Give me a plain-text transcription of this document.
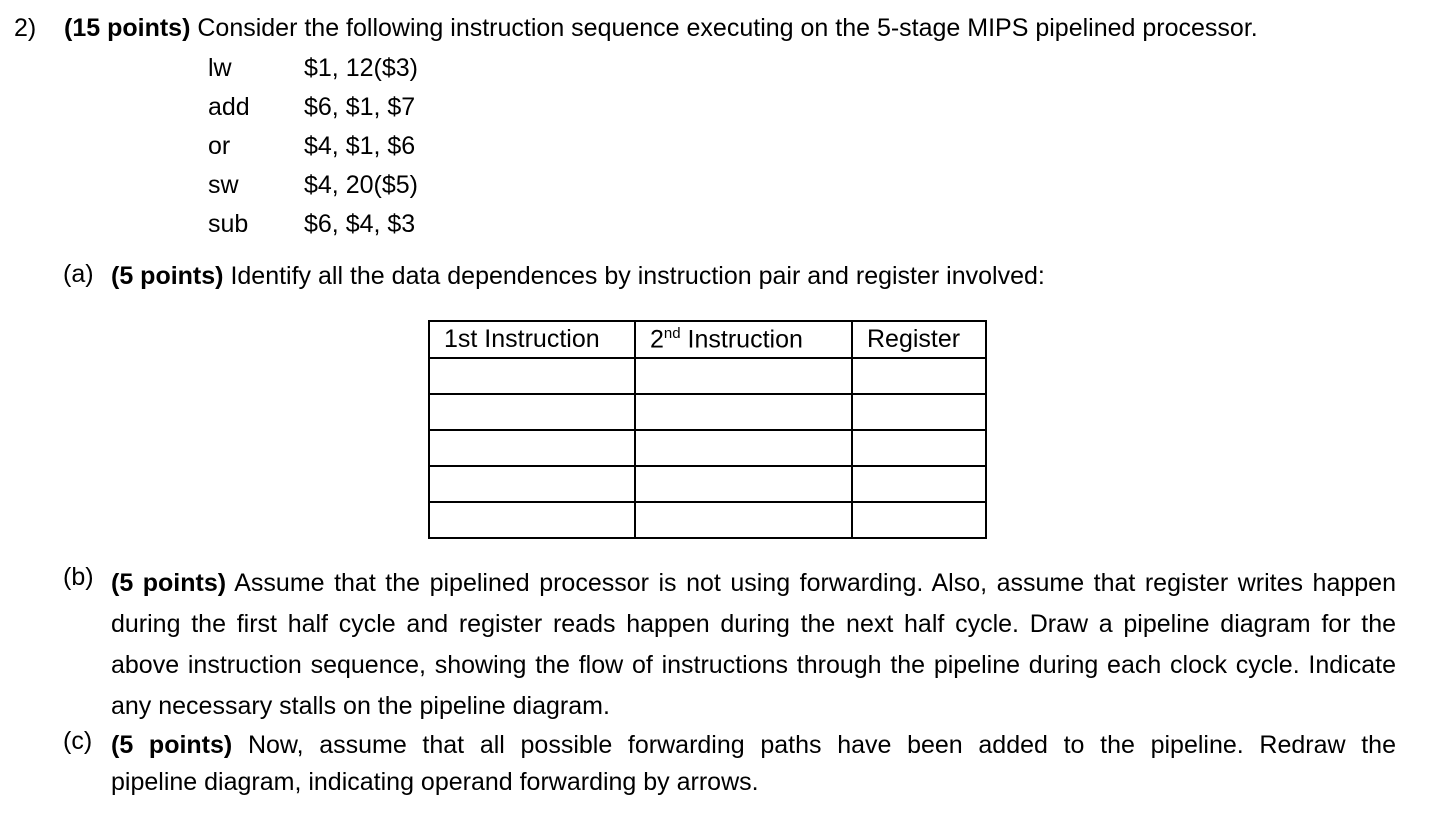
2) (15 points) Consider the following instruction sequence executing on the 5-stage MIPS pipelined processor.
lw	$1, 12($3)
add $6, $1, $7
or	$4, $1, $6
sw	$4, 20($5)
sub $6, $4, $3
(a) (5 points) Identify all the data dependences by instruction pair and register involved:
1st Instruction	2nd Instruction	Register

(b) (5 points) Assume that the pipelined processor is not using forwarding. Also, assume that register writes happen during the first half cycle and register reads happen during the next half cycle. Draw a pipeline diagram for the above instruction sequence, showing the flow of instructions through the pipeline during each clock cycle. Indicate any necessary stalls on the pipeline diagram.
(c) (5 points) Now, assume that all possible forwarding paths have been added to the pipeline. Redraw the
pipeline diagram, indicating operand forwarding by arrows.
